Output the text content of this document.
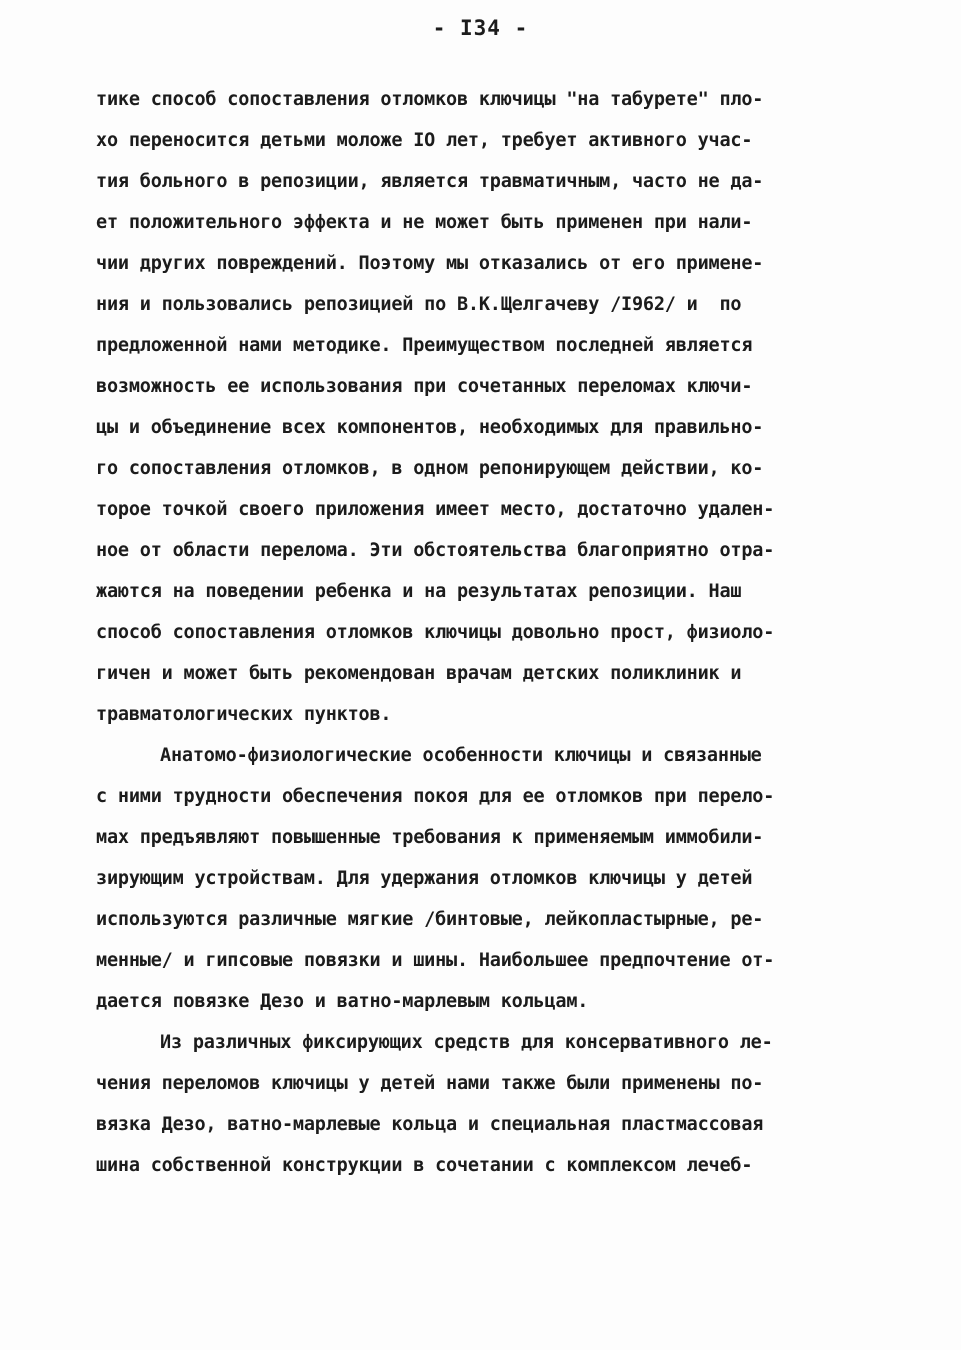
- I34 -
тике способ сопоставления отломков ключицы "на табурете" пло-
хо переносится детьми моложе IO лет, требует активного учас-
тия больного в репозиции, является травматичным, часто не да-
ет положительного эффекта и не может быть применен при нали-
чии других повреждений. Поэтому мы отказались от его примене-
ния и пользовались репозицией по В.К.Щелгачеву /I962/ и  по
предложенной нами методике. Преимуществом последней является
возможность ее использования при сочетанных переломах ключи-
цы и объединение всех компонентов, необходимых для правильно-
го сопоставления отломков, в одном репонирующем действии, ко-
торое точкой своего приложения имеет место, достаточно удален-
ное от области перелома. Эти обстоятельства благоприятно отра-
жаются на поведении ребенка и на результатах репозиции. Наш
способ сопоставления отломков ключицы довольно прост, физиоло-
гичен и может быть рекомендован врачам детских поликлиник и
травматологических пунктов.
Анатомо-физиологические особенности ключицы и связанные
с ними трудности обеспечения покоя для ее отломков при перело-
мах предъявляют повышенные требования к применяемым иммобили-
зирующим устройствам. Для удержания отломков ключицы у детей
используются различные мягкие /бинтовые, лейкопластырные, ре-
менные/ и гипсовые повязки и шины. Наибольшее предпочтение от-
дается повязке Дезо и ватно-марлевым кольцам.
Из различных фиксирующих средств для консервативного ле-
чения переломов ключицы у детей нами также были применены по-
вязка Дезо, ватно-марлевые кольца и специальная пластмассовая
шина собственной конструкции в сочетании с комплексом лечеб-
